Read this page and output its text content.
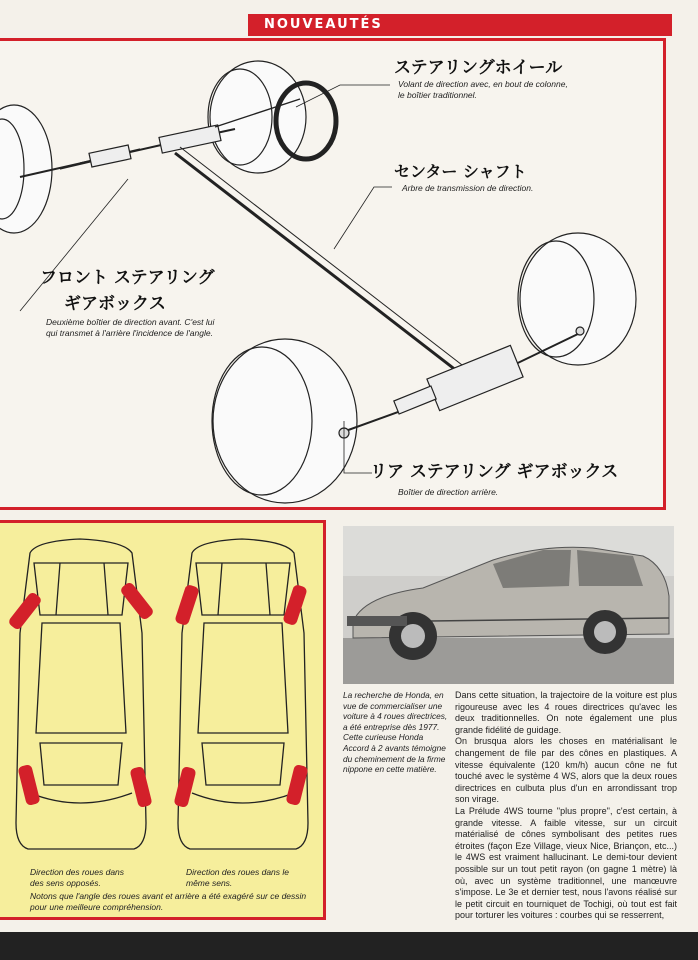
NOUVEAUTÉS
ステアリングホイール
Volant de direction avec, en bout de colonne, le boîtier traditionnel.
センター シャフト
Arbre de transmission de direction.
フロント ステアリング
ギアボックス
Deuxième boîtier de direction avant. C'est lui qui transmet à l'arrière l'incidence de l'angle.
リア ステアリング ギアボックス
Boîtier de direction arrière.
Direction des roues dans des sens opposés.
Direction des roues dans le même sens.
Notons que l'angle des roues avant et arrière a été exagéré sur ce dessin pour une meilleure compréhension.
La recherche de Honda, en vue de commercialiser une voiture à 4 roues directrices, a été entreprise dès 1977. Cette curieuse Honda Accord à 2 avants témoigne du cheminement de la firme nippone en cette matière.

Dans cette situation, la trajectoire de la voiture est plus rigoureuse avec les 4 roues directrices qu'avec les deux traditionnelles. On note également une plus grande fidélité de guidage.

On brusqua alors les choses en matérialisant le changement de file par des cônes en plastiques. A vitesse équivalente (120 km/h) aucun cône ne fut touché avec le système 4 WS, alors que la deux roues directrices en culbuta plus d'un en arrondissant trop son virage.

La Prélude 4WS tourne ''plus propre'', c'est certain, à grande vitesse. A faible vitesse, sur un circuit matérialisé de cônes symbolisant des petites rues étroites (façon Eze Village, vieux Nice, Briançon, etc...) le 4WS est vraiment hallucinant. Le demi-tour devient possible sur un tout petit rayon (on gagne 1 mètre) là où, avec un système traditionnel, une manœuvre s'impose. Le 3e et dernier test, nous l'avons réalisé sur le petit circuit en tourniquet de Tochigi, où tout est fait pour torturer les voitures : courbes qui se resserrent,
